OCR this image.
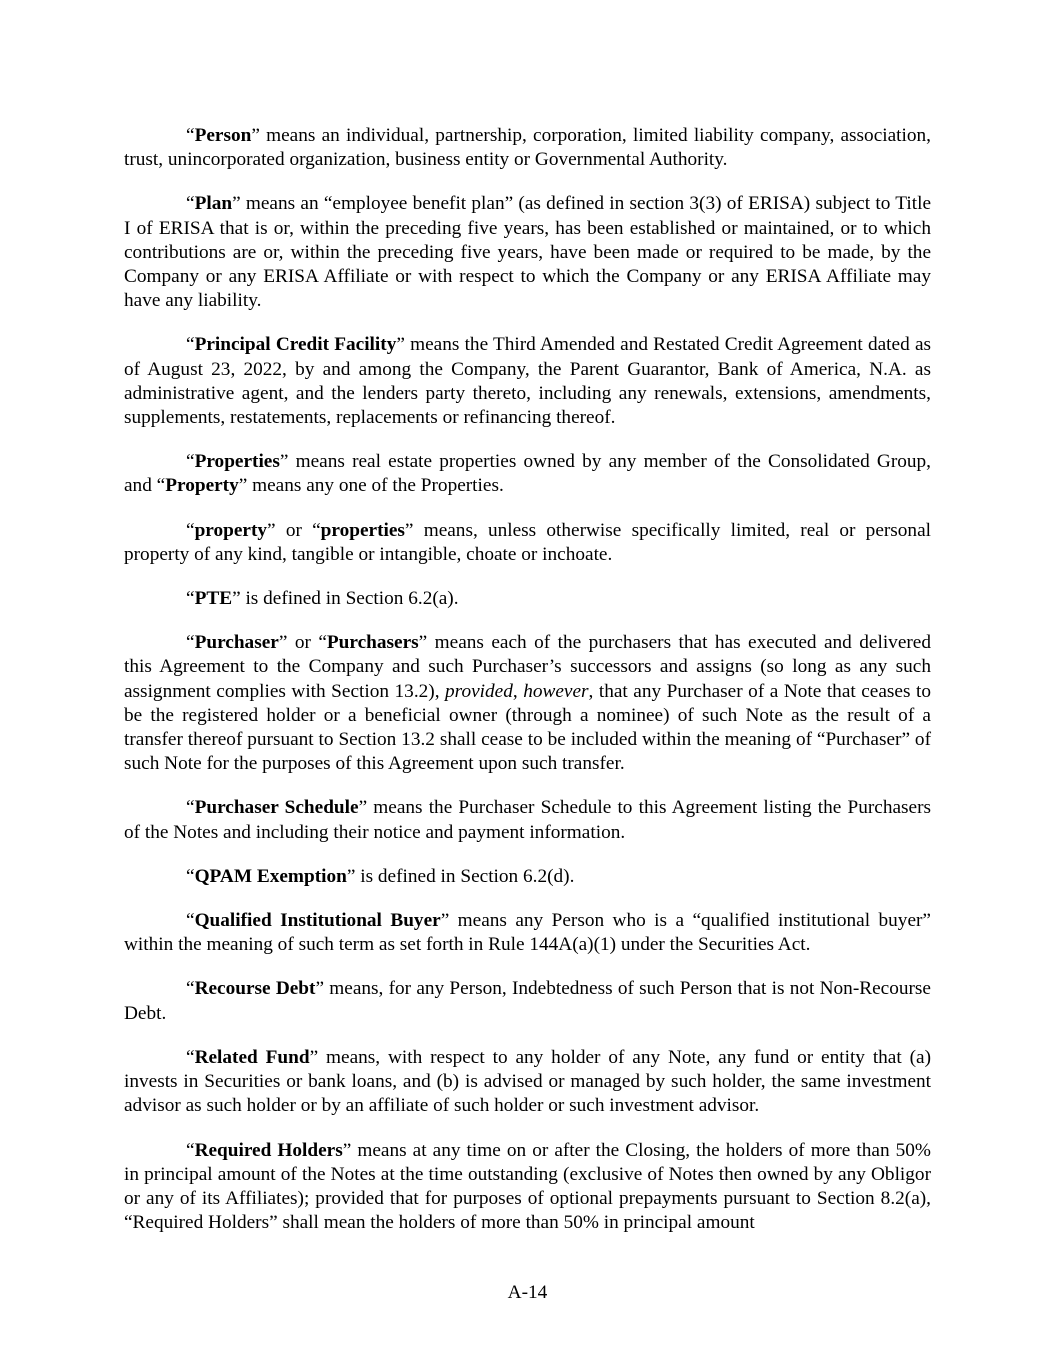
“Person” means an individual, partnership, corporation, limited liability company, association, trust, unincorporated organization, business entity or Governmental Authority.

“Plan” means an “employee benefit plan” (as defined in section 3(3) of ERISA) subject to Title I of ERISA that is or, within the preceding five years, has been established or maintained, or to which contributions are or, within the preceding five years, have been made or required to be made, by the Company or any ERISA Affiliate or with respect to which the Company or any ERISA Affiliate may have any liability.

“Principal Credit Facility” means the Third Amended and Restated Credit Agreement dated as of August 23, 2022, by and among the Company, the Parent Guarantor, Bank of America, N.A. as administrative agent, and the lenders party thereto, including any renewals, extensions, amendments, supplements, restatements, replacements or refinancing thereof.

“Properties” means real estate properties owned by any member of the Consolidated Group, and “Property” means any one of the Properties.

“property” or “properties” means, unless otherwise specifically limited, real or personal property of any kind, tangible or intangible, choate or inchoate.

“PTE” is defined in Section 6.2(a).

“Purchaser” or “Purchasers” means each of the purchasers that has executed and delivered this Agreement to the Company and such Purchaser’s successors and assigns (so long as any such assignment complies with Section 13.2), provided, however, that any Purchaser of a Note that ceases to be the registered holder or a beneficial owner (through a nominee) of such Note as the result of a transfer thereof pursuant to Section 13.2 shall cease to be included within the meaning of “Purchaser” of such Note for the purposes of this Agreement upon such transfer.

“Purchaser Schedule” means the Purchaser Schedule to this Agreement listing the Purchasers of the Notes and including their notice and payment information.

“QPAM Exemption” is defined in Section 6.2(d).

“Qualified Institutional Buyer” means any Person who is a “qualified institutional buyer” within the meaning of such term as set forth in Rule 144A(a)(1) under the Securities Act.

“Recourse Debt” means, for any Person, Indebtedness of such Person that is not Non-Recourse Debt.

“Related Fund” means, with respect to any holder of any Note, any fund or entity that (a) invests in Securities or bank loans, and (b) is advised or managed by such holder, the same investment advisor as such holder or by an affiliate of such holder or such investment advisor.

“Required Holders” means at any time on or after the Closing, the holders of more than 50% in principal amount of the Notes at the time outstanding (exclusive of Notes then owned by any Obligor or any of its Affiliates); provided that for purposes of optional prepayments pursuant to Section 8.2(a), “Required Holders” shall mean the holders of more than 50% in principal amount

A-14
